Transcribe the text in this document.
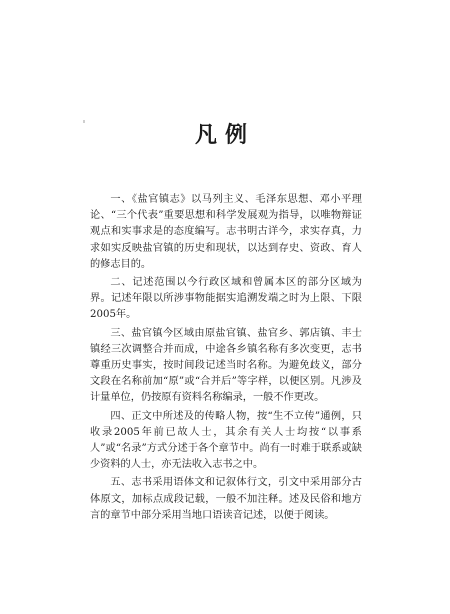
凡例

一、《盐官镇志》以马列主义、毛泽东思想、邓小平理论、“三个代表”重要思想和科学发展观为指导，以唯物辩证观点和实事求是的态度编写。志书明古详今，求实存真，力求如实反映盐官镇的历史和现状，以达到存史、资政、育人的修志目的。

二、记述范围以今行政区域和曾属本区的部分区域为界。记述年限以所涉事物能据实追溯发端之时为上限、下限2005年。

三、盐官镇今区域由原盐官镇、盐官乡、郭店镇、丰士镇经三次调整合并而成，中途各乡镇名称有多次变更，志书尊重历史事实，按时间段记述当时名称。为避免歧义，部分文段在名称前加“原”或“合并后”等字样，以便区别。凡涉及计量单位，仍按原有资料名称编录，一般不作更改。

四、正文中所述及的传略人物，按“生不立传”通例，只收录2005年前已故人士，其余有关人士均按“以事系人”或“名录”方式分述于各个章节中。尚有一时难于联系或缺少资料的人士，亦无法收入志书之中。

五、志书采用语体文和记叙体行文，引文中采用部分古体原文，加标点成段记载，一般不加注释。述及民俗和地方言的章节中部分采用当地口语读音记述，以便于阅读。
